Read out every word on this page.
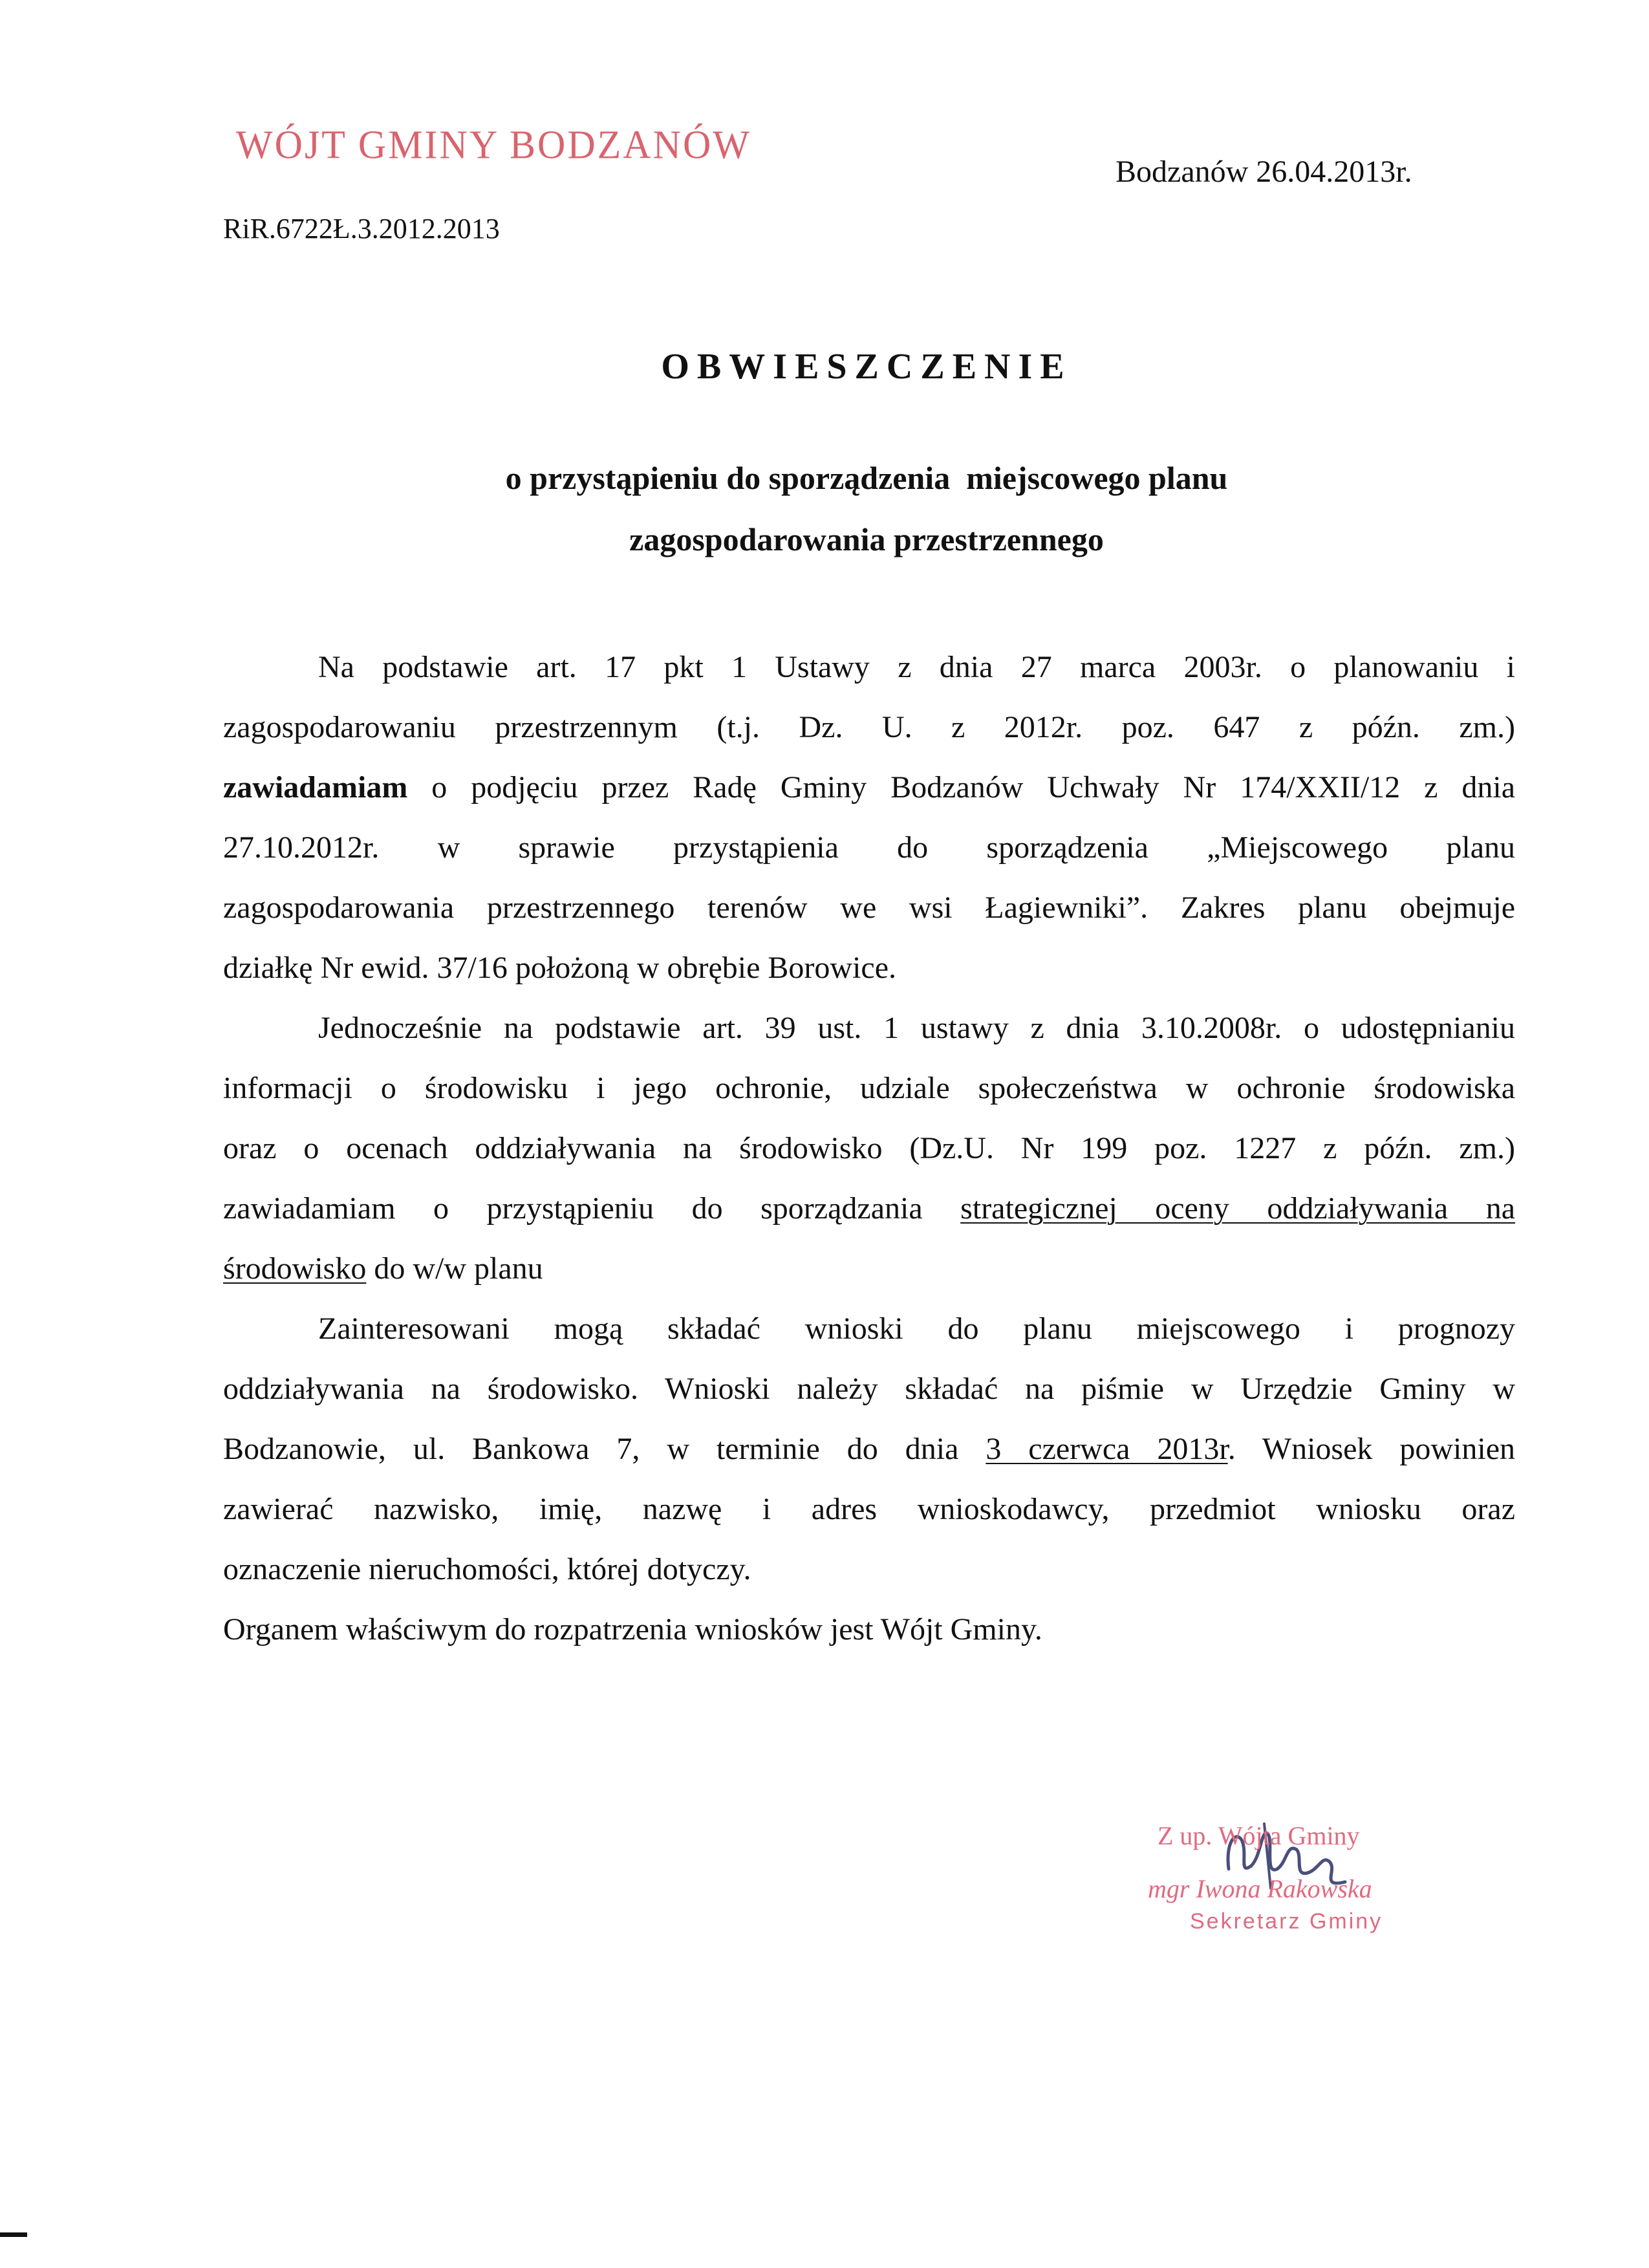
WÓJT GMINY BODZANÓW
Bodzanów 26.04.2013r.
RiR.6722Ł.3.2012.2013
OBWIESZCZENIE
o przystąpieniu do sporządzenia  miejscowego planu
zagospodarowania przestrzennego
Na podstawie art. 17 pkt 1 Ustawy z dnia 27 marca 2003r. o planowaniu i
zagospodarowaniu przestrzennym (t.j. Dz. U. z 2012r. poz. 647 z późn. zm.)
zawiadamiam o podjęciu przez Radę Gminy Bodzanów Uchwały Nr 174/XXII/12 z dnia
27.10.2012r. w sprawie przystąpienia do sporządzenia „Miejscowego planu
zagospodarowania przestrzennego terenów we wsi Łagiewniki”. Zakres planu obejmuje
działkę Nr ewid. 37/16 położoną w obrębie Borowice.
Jednocześnie na podstawie art. 39 ust. 1 ustawy z dnia 3.10.2008r. o udostępnianiu
informacji o środowisku i jego ochronie, udziale społeczeństwa w ochronie środowiska
oraz o ocenach oddziaływania na środowisko (Dz.U. Nr 199 poz. 1227 z późn. zm.)
zawiadamiam o przystąpieniu do sporządzania strategicznej oceny oddziaływania na
środowisko do w/w planu
Zainteresowani mogą składać wnioski do planu miejscowego i prognozy
oddziaływania na środowisko. Wnioski należy składać na piśmie w Urzędzie Gminy w
Bodzanowie, ul. Bankowa 7, w terminie do dnia 3 czerwca 2013r. Wniosek powinien
zawierać nazwisko, imię, nazwę i adres wnioskodawcy, przedmiot wniosku oraz
oznaczenie nieruchomości, której dotyczy.
Organem właściwym do rozpatrzenia wniosków jest Wójt Gminy.
Z up. Wójta Gminy
mgr Iwona Rakowska
Sekretarz Gminy
